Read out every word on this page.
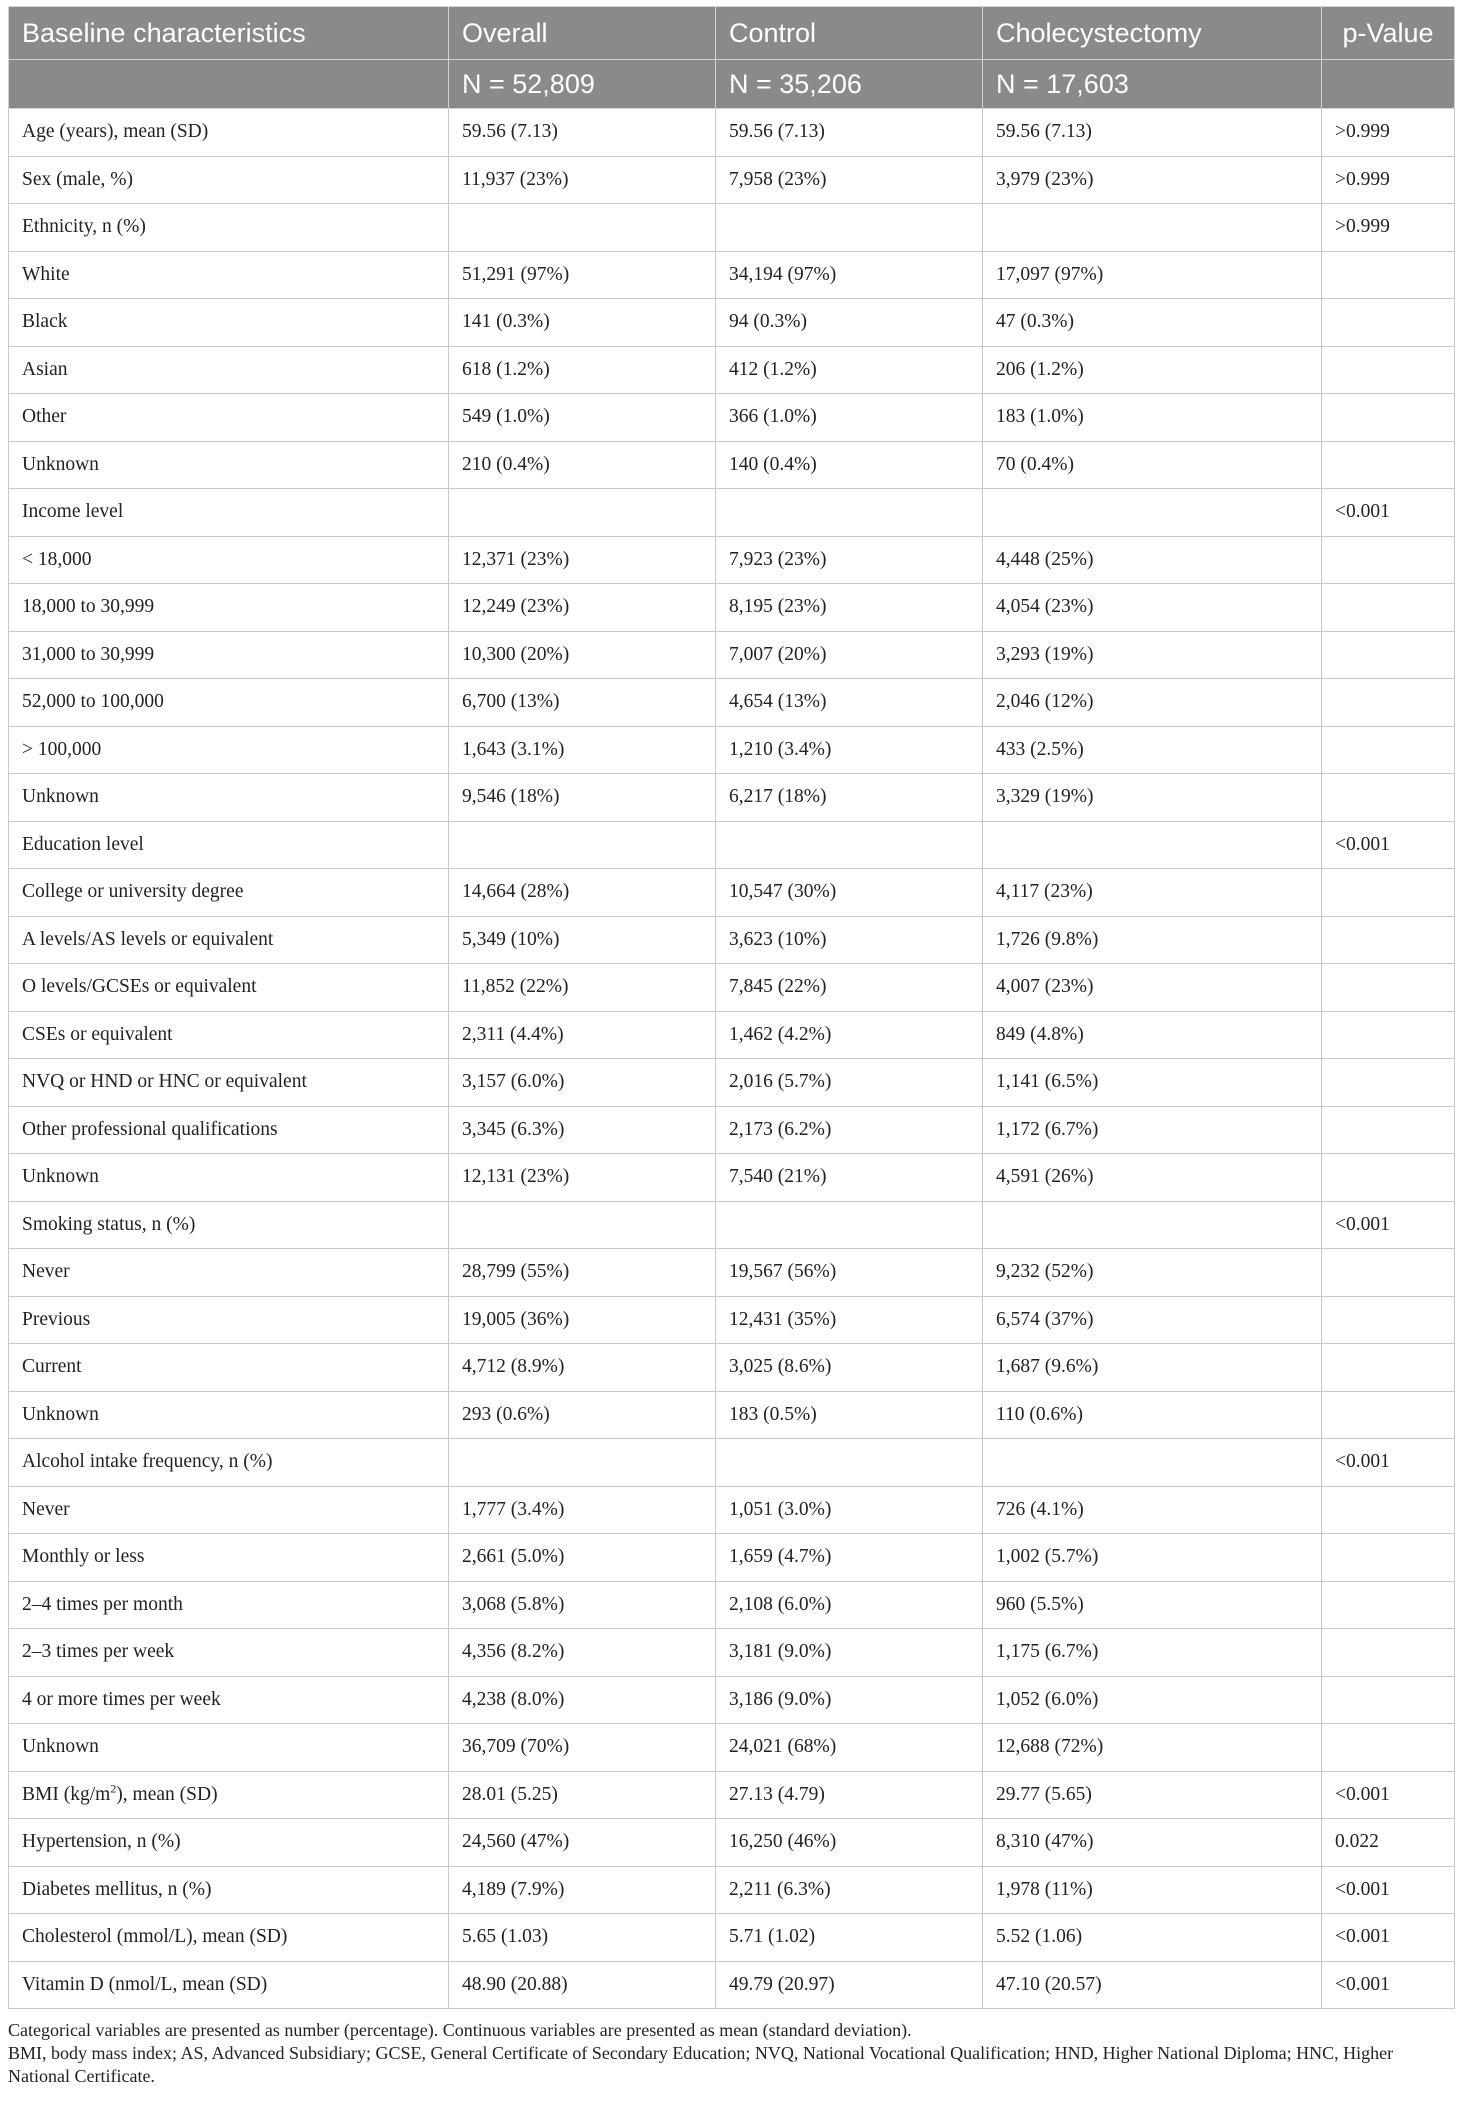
Baseline characteristics	Overall	Control	Cholecystectomy	p-Value
	N = 52,809	N = 35,206	N = 17,603	
Age (years), mean (SD)	59.56 (7.13)	59.56 (7.13)	59.56 (7.13)	>0.999
Sex (male, %)	11,937 (23%)	7,958 (23%)	3,979 (23%)	>0.999
Ethnicity, n (%)				>0.999
White	51,291 (97%)	34,194 (97%)	17,097 (97%)	
Black	141 (0.3%)	94 (0.3%)	47 (0.3%)	
Asian	618 (1.2%)	412 (1.2%)	206 (1.2%)	
Other	549 (1.0%)	366 (1.0%)	183 (1.0%)	
Unknown	210 (0.4%)	140 (0.4%)	70 (0.4%)	
Income level				<0.001
< 18,000	12,371 (23%)	7,923 (23%)	4,448 (25%)	
18,000 to 30,999	12,249 (23%)	8,195 (23%)	4,054 (23%)	
31,000 to 30,999	10,300 (20%)	7,007 (20%)	3,293 (19%)	
52,000 to 100,000	6,700 (13%)	4,654 (13%)	2,046 (12%)	
> 100,000	1,643 (3.1%)	1,210 (3.4%)	433 (2.5%)	
Unknown	9,546 (18%)	6,217 (18%)	3,329 (19%)	
Education level				<0.001
College or university degree	14,664 (28%)	10,547 (30%)	4,117 (23%)	
A levels/AS levels or equivalent	5,349 (10%)	3,623 (10%)	1,726 (9.8%)	
O levels/GCSEs or equivalent	11,852 (22%)	7,845 (22%)	4,007 (23%)	
CSEs or equivalent	2,311 (4.4%)	1,462 (4.2%)	849 (4.8%)	
NVQ or HND or HNC or equivalent	3,157 (6.0%)	2,016 (5.7%)	1,141 (6.5%)	
Other professional qualifications	3,345 (6.3%)	2,173 (6.2%)	1,172 (6.7%)	
Unknown	12,131 (23%)	7,540 (21%)	4,591 (26%)	
Smoking status, n (%)				<0.001
Never	28,799 (55%)	19,567 (56%)	9,232 (52%)	
Previous	19,005 (36%)	12,431 (35%)	6,574 (37%)	
Current	4,712 (8.9%)	3,025 (8.6%)	1,687 (9.6%)	
Unknown	293 (0.6%)	183 (0.5%)	110 (0.6%)	
Alcohol intake frequency, n (%)				<0.001
Never	1,777 (3.4%)	1,051 (3.0%)	726 (4.1%)	
Monthly or less	2,661 (5.0%)	1,659 (4.7%)	1,002 (5.7%)	
2–4 times per month	3,068 (5.8%)	2,108 (6.0%)	960 (5.5%)	
2–3 times per week	4,356 (8.2%)	3,181 (9.0%)	1,175 (6.7%)	
4 or more times per week	4,238 (8.0%)	3,186 (9.0%)	1,052 (6.0%)	
Unknown	36,709 (70%)	24,021 (68%)	12,688 (72%)	
BMI $(kg/m^2)$, mean (SD)	28.01 (5.25)	27.13 (4.79)	29.77 (5.65)	<0.001
Hypertension, n (%)	24,560 (47%)	16,250 (46%)	8,310 (47%)	0.022
Diabetes mellitus, n (%)	4,189 (7.9%)	2,211 (6.3%)	1,978 (11%)	<0.001
Cholesterol (mmol/L), mean (SD)	5.65 (1.03)	5.71 (1.02)	5.52 (1.06)	<0.001
Vitamin D (nmol/L, mean (SD)	48.90 (20.88)	49.79 (20.97)	47.10 (20.57)	<0.001

Categorical variables are presented as number (percentage). Continuous variables are presented as mean (standard deviation).

BMI, body mass index; AS, Advanced Subsidiary; GCSE, General Certificate of Secondary Education; NVQ, National Vocational Qualification; HND, Higher National Diploma; HNC, Higher National Certificate.
